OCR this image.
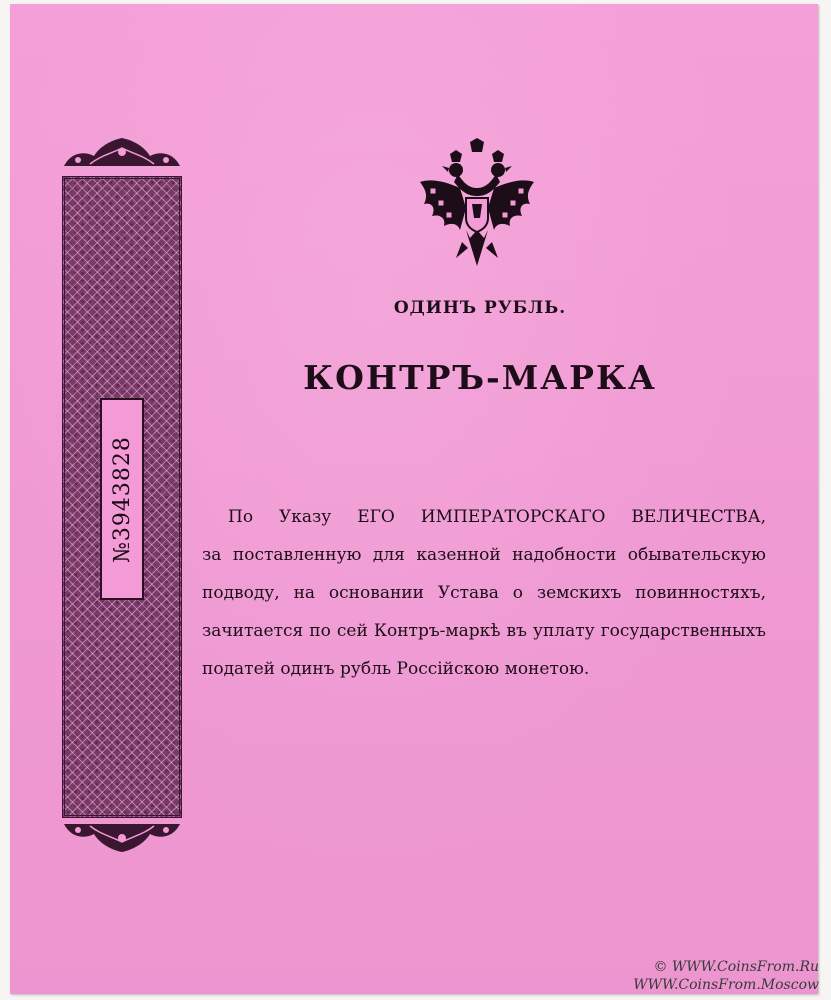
№3943828
ОДИНЪ РУБЛЬ.
КОНТРЪ-МАРКА
По Указу ЕГО ИМПЕРАТОРСКАГО ВЕЛИЧЕСТВА,
за поставленную для казенной надобности обывательскую
подводу, на основании Устава о земскихъ повинностяхъ,
зачитается по сей Контръ-маркѣ въ уплату государственныхъ
податей одинъ рубль Россійскою монетою.
© WWW.CoinsFrom.Ru
WWW.CoinsFrom.Moscow
